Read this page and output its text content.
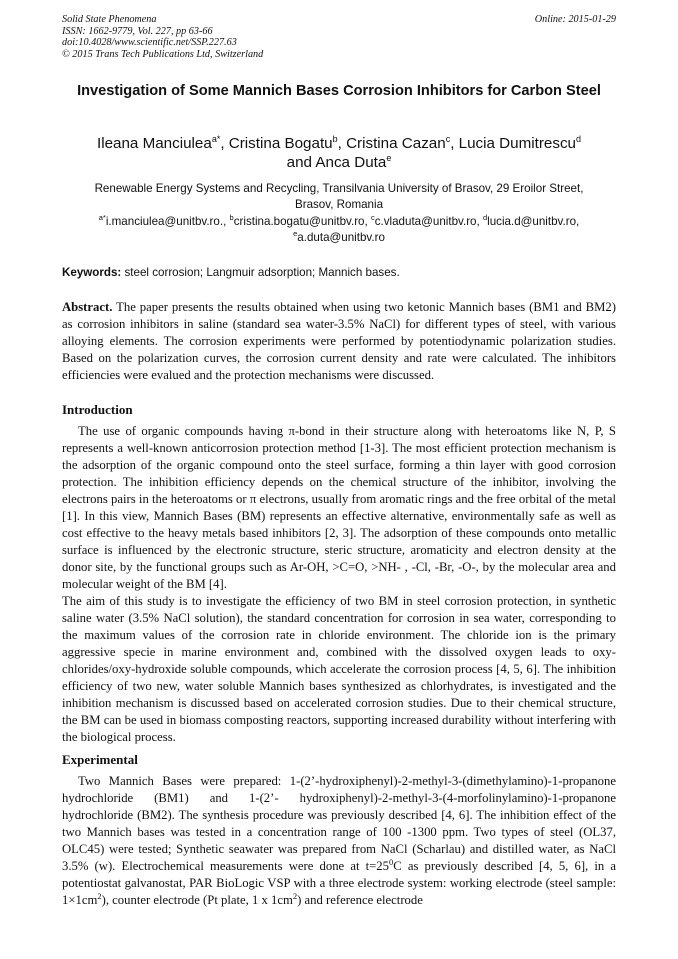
Solid State Phenomena
ISSN: 1662-9779, Vol. 227, pp 63-66
doi:10.4028/www.scientific.net/SSP.227.63
© 2015 Trans Tech Publications Ltd, Switzerland
Online: 2015-01-29
Investigation of Some Mannich Bases Corrosion Inhibitors for Carbon Steel
Ileana Manciulea$^{a*}$, Cristina Bogatu$^b$, Cristina Cazan$^c$, Lucia Dumitrescu$^d$
and Anca Duta$^e$
Renewable Energy Systems and Recycling, Transilvania University of Brasov, 29 Eroilor Street,
Brasov, Romania
$^{a*}$i.manciulea@unitbv.ro., $^b$cristina.bogatu@unitbv.ro, $^c$c.vladuta@unitbv.ro, $^d$lucia.d@unitbv.ro,
$^e$a.duta@unitbv.ro
Keywords: steel corrosion; Langmuir adsorption; Mannich bases.

Abstract. The paper presents the results obtained when using two ketonic Mannich bases (BM1 and BM2) as corrosion inhibitors in saline (standard sea water-3.5% NaCl) for different types of steel, with various alloying elements. The corrosion experiments were performed by potentiodynamic polarization studies. Based on the polarization curves, the corrosion current density and rate were calculated. The inhibitors efficiencies were evalued and the protection mechanisms were discussed.

Introduction

The use of organic compounds having π-bond in their structure along with heteroatoms like N, P, S represents a well-known anticorrosion protection method [1-3]. The most efficient protection mechanism is the adsorption of the organic compound onto the steel surface, forming a thin layer with good corrosion protection. The inhibition efficiency depends on the chemical structure of the inhibitor, involving the electrons pairs in the heteroatoms or π electrons, usually from aromatic rings and the free orbital of the metal [1]. In this view, Mannich Bases (BM) represents an effective alternative, environmentally safe as well as cost effective to the heavy metals based inhibitors [2, 3]. The adsorption of these compounds onto metallic surface is influenced by the electronic structure, steric structure, aromaticity and electron density at the donor site, by the functional groups such as Ar-OH, >C=O, >NH- , -Cl, -Br, -O-, by the molecular area and molecular weight of the BM [4].

The aim of this study is to investigate the efficiency of two BM in steel corrosion protection, in synthetic saline water (3.5% NaCl solution), the standard concentration for corrosion in sea water, corresponding to the maximum values of the corrosion rate in chloride environment. The chloride ion is the primary aggressive specie in marine environment and, combined with the dissolved oxygen leads to oxy-chlorides/oxy-hydroxide soluble compounds, which accelerate the corrosion process [4, 5, 6]. The inhibition efficiency of two new, water soluble Mannich bases synthesized as chlorhydrates, is investigated and the inhibition mechanism is discussed based on accelerated corrosion studies. Due to their chemical structure, the BM can be used in biomass composting reactors, supporting increased durability without interfering with the biological process.

Experimental

Two Mannich Bases were prepared: 1-(2’-hydroxiphenyl)-2-methyl-3-(dimethylamino)-1-propanone hydrochloride (BM1) and 1-(2’- hydroxiphenyl)-2-methyl-3-(4-morfolinylamino)-1-propanone hydrochloride (BM2). The synthesis procedure was previously described [4, 6]. The inhibition effect of the two Mannich bases was tested in a concentration range of 100 -1300 ppm. Two types of steel (OL37, OLC45) were tested; Synthetic seawater was prepared from NaCl (Scharlau) and distilled water, as NaCl 3.5% (w). Electrochemical measurements were done at $t=25^0C$ as previously described [4, 5, 6], in a potentiostat galvanostat, PAR BioLogic VSP with a three electrode system: working electrode (steel sample: $1\times 1cm^2$), counter electrode (Pt plate, 1 x $1cm^2$) and reference electrode
